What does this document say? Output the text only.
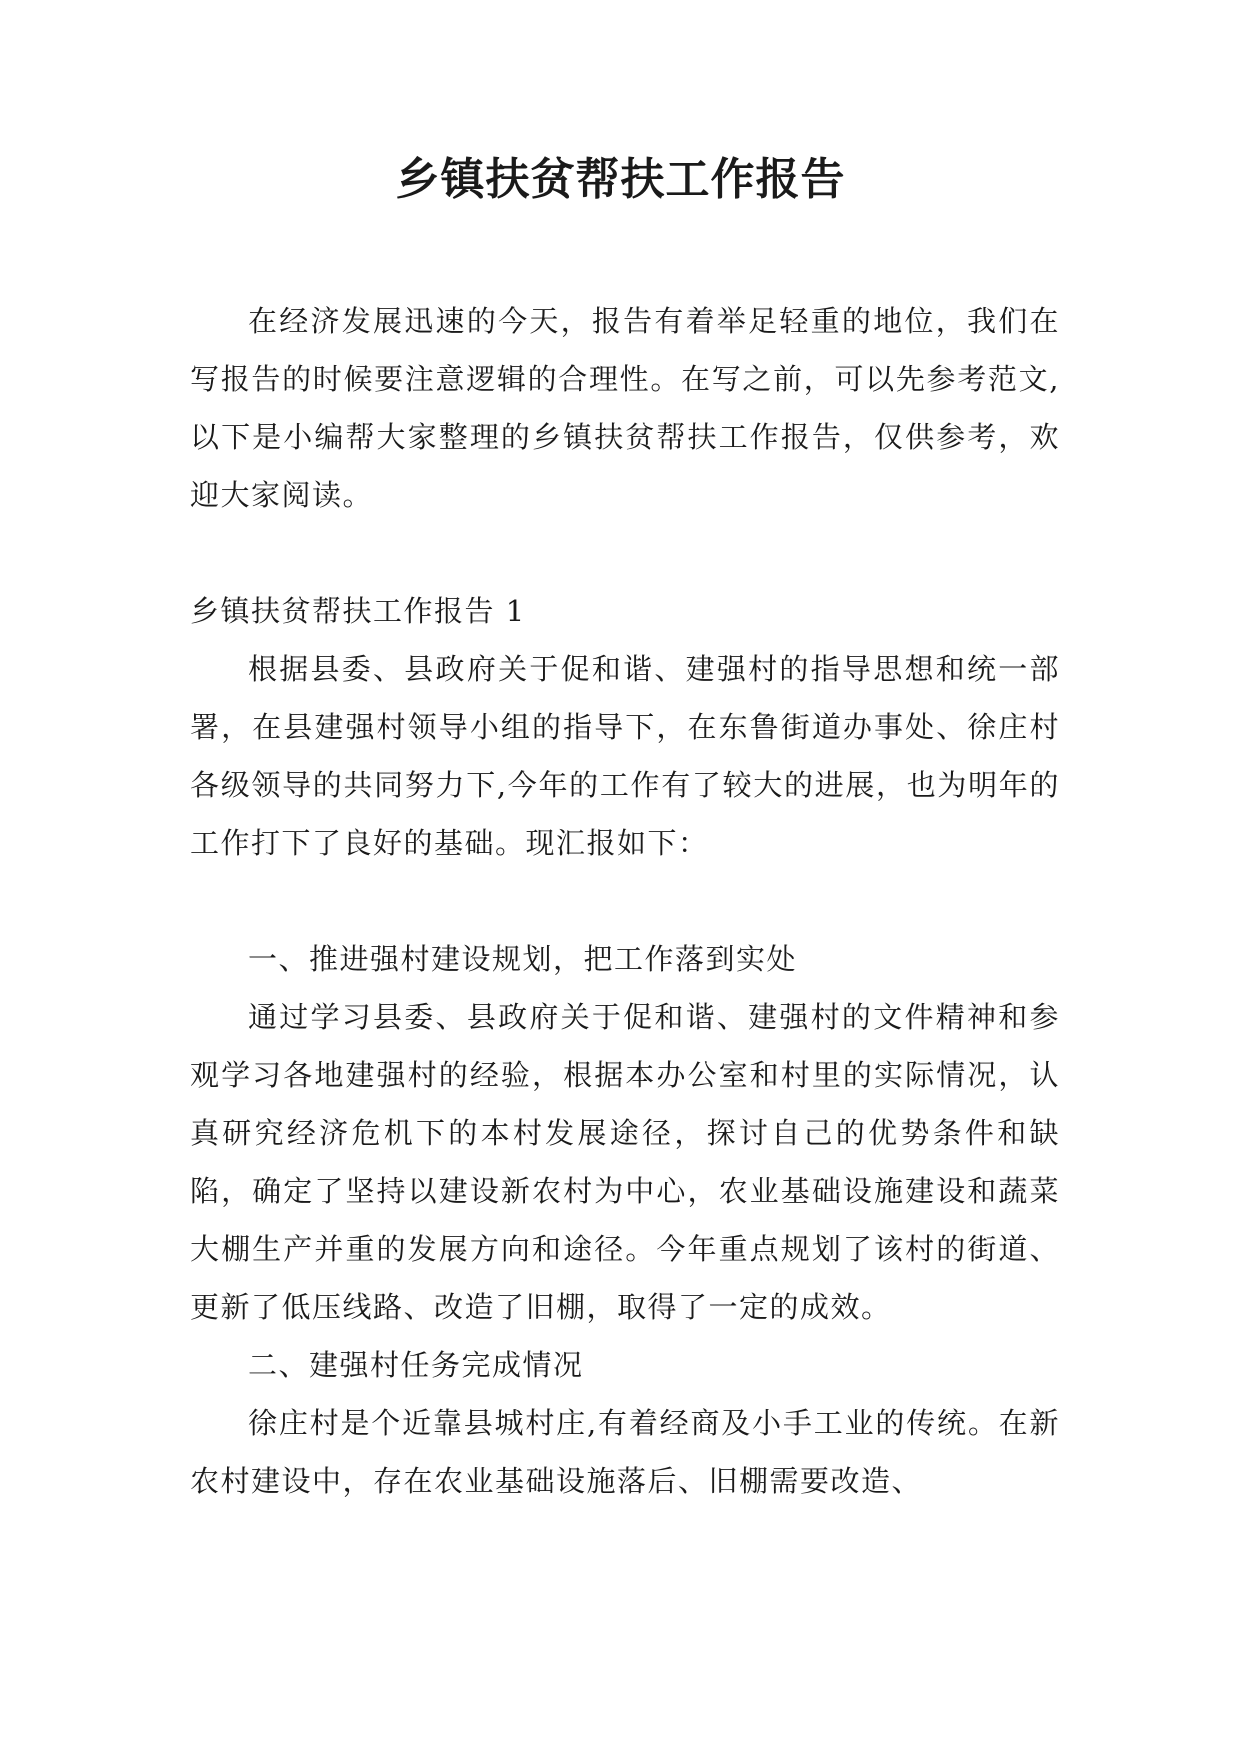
乡镇扶贫帮扶工作报告

在经济发展迅速的今天，报告有着举足轻重的地位，我们在写报告的时候要注意逻辑的合理性。在写之前，可以先参考范文,以下是小编帮大家整理的乡镇扶贫帮扶工作报告，仅供参考，欢迎大家阅读。

乡镇扶贫帮扶工作报告 1

根据县委、县政府关于促和谐、建强村的指导思想和统一部署，在县建强村领导小组的指导下，在东鲁街道办事处、徐庄村各级领导的共同努力下,今年的工作有了较大的进展，也为明年的工作打下了良好的基础。现汇报如下：

一、推进强村建设规划，把工作落到实处

通过学习县委、县政府关于促和谐、建强村的文件精神和参观学习各地建强村的经验，根据本办公室和村里的实际情况，认真研究经济危机下的本村发展途径，探讨自己的优势条件和缺陷，确定了坚持以建设新农村为中心，农业基础设施建设和蔬菜大棚生产并重的发展方向和途径。今年重点规划了该村的街道、更新了低压线路、改造了旧棚，取得了一定的成效。

二、建强村任务完成情况

徐庄村是个近靠县城村庄,有着经商及小手工业的传统。在新农村建设中，存在农业基础设施落后、旧棚需要改造、
